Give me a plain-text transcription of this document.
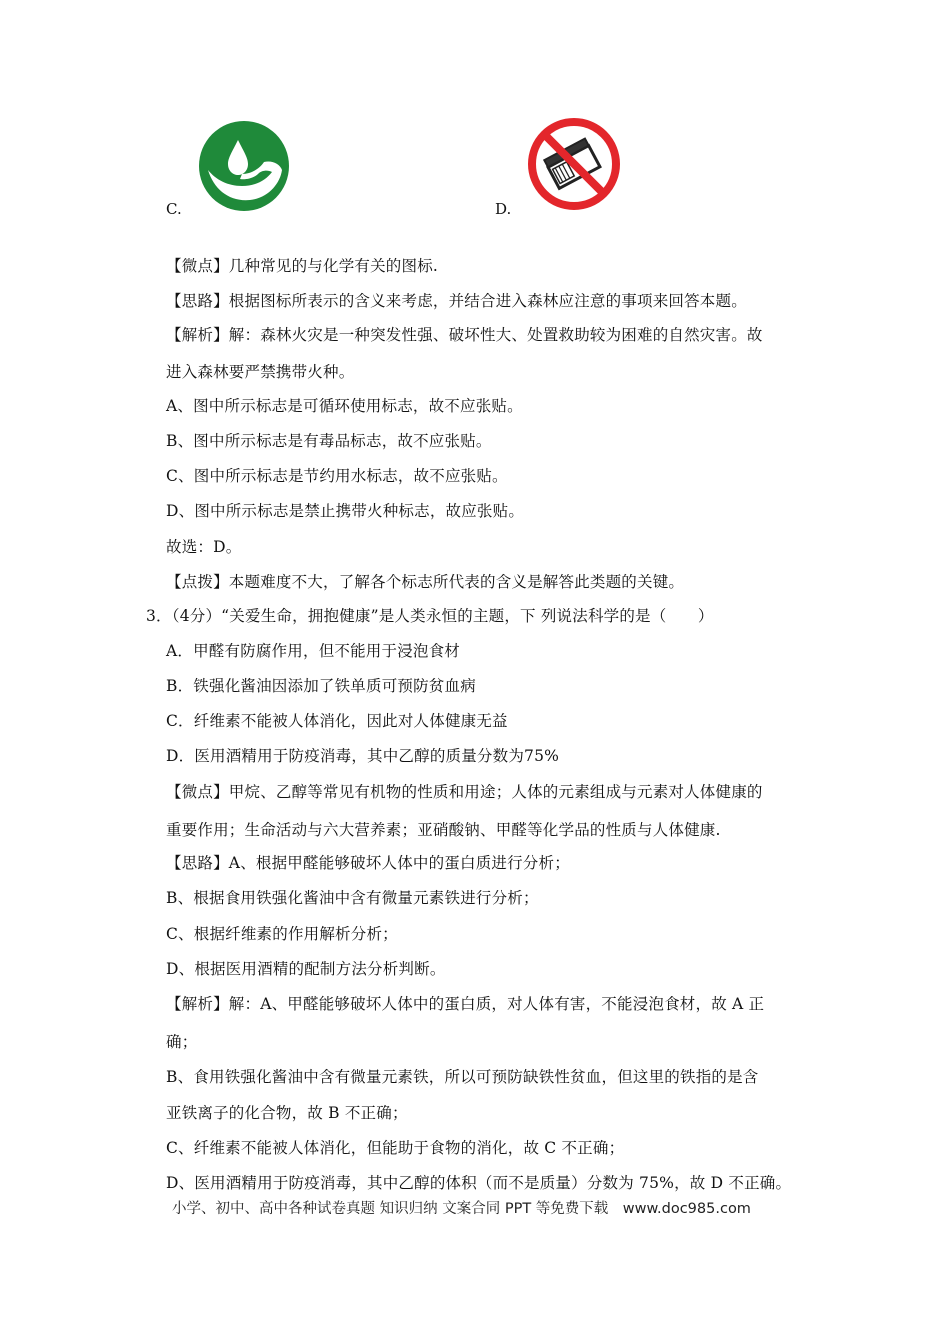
C.	D.
【微点】几种常见的与化学有关的图标.
【思路】根据图标所表示的含义来考虑，并结合进入森林应注意的事项来回答本题。
【解析】解：森林火灾是一种突发性强、破坏性大、处置救助较为困难的自然灾害。故
进入森林要严禁携带火种。
A、图中所示标志是可循环使用标志，故不应张贴。
B、图中所示标志是有毒品标志，故不应张贴。
C、图中所示标志是节约用水标志，故不应张贴。
D、图中所示标志是禁止携带火种标志，故应张贴。
故选：D。
【点拨】本题难度不大，了解各个标志所代表的含义是解答此类题的关键。
3．（4分）“关爱生命，拥抱健康”是人类永恒的主题，下 列说法科学的是（　　）
A．甲醛有防腐作用，但不能用于浸泡食材
B．铁强化酱油因添加了铁单质可预防贫血病
C．纤维素不能被人体消化，因此对人体健康无益
D．医用酒精用于防疫消毒，其中乙醇的质量分数为75%
【微点】甲烷、乙醇等常见有机物的性质和用途；人体的元素组成与元素对人体健康的
重要作用；生命活动与六大营养素；亚硝酸钠、甲醛等化学品的性质与人体健康.
【思路】A、根据甲醛能够破坏人体中的蛋白质进行分析；
B、根据食用铁强化酱油中含有微量元素铁进行分析；
C、根据纤维素的作用解析分析；
D、根据医用酒精的配制方法分析判断。
【解析】解：A、甲醛能够破坏人体中的蛋白质，对人体有害，不能浸泡食材，故 A 正
确；
B、食用铁强化酱油中含有微量元素铁，所以可预防缺铁性贫血，但这里的铁指的是含
亚铁离子的化合物，故 B 不正确；
C、纤维素不能被人体消化，但能助于食物的消化，故 C 不正确；
D、医用酒精用于防疫消毒，其中乙醇的体积（而不是质量）分数为 75%，故 D 不正确。
小学、初中、高中各种试卷真题 知识归纳 文案合同 PPT 等免费下载　www.doc985.com
